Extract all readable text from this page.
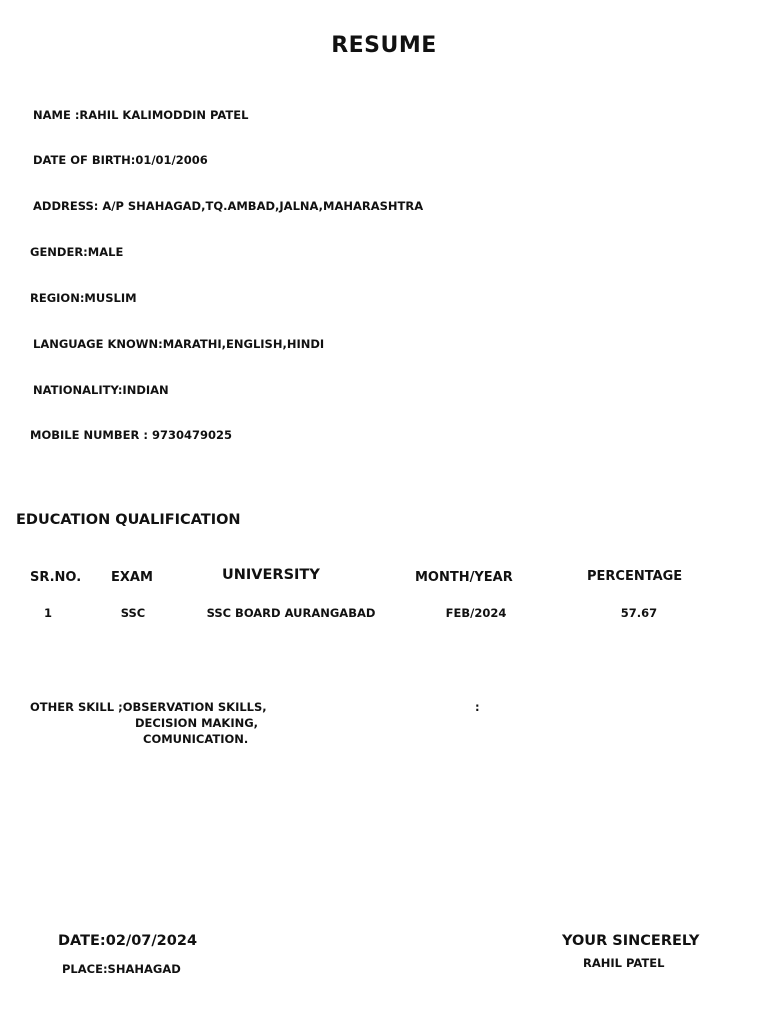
RESUME
NAME :RAHIL KALIMODDIN PATEL
DATE OF BIRTH:01/01/2006
ADDRESS: A/P SHAHAGAD,TQ.AMBAD,JALNA,MAHARASHTRA
GENDER:MALE
REGION:MUSLIM
LANGUAGE KNOWN:MARATHI,ENGLISH,HINDI
NATIONALITY:INDIAN
MOBILE NUMBER : 9730479025
EDUCATION QUALIFICATION
SR.NO. EXAM	UNIVERSITY	MONTH/YEAR	PERCENTAGE
1	SSC	SSC BOARD AURANGABAD	FEB/2024	57.67
OTHER SKILL ;OBSERVATION SKILLS,
DECISION MAKING,
COMUNICATION.
:
DATE:02/07/2024
PLACE:SHAHAGAD
YOUR SINCERELY
RAHIL PATEL
